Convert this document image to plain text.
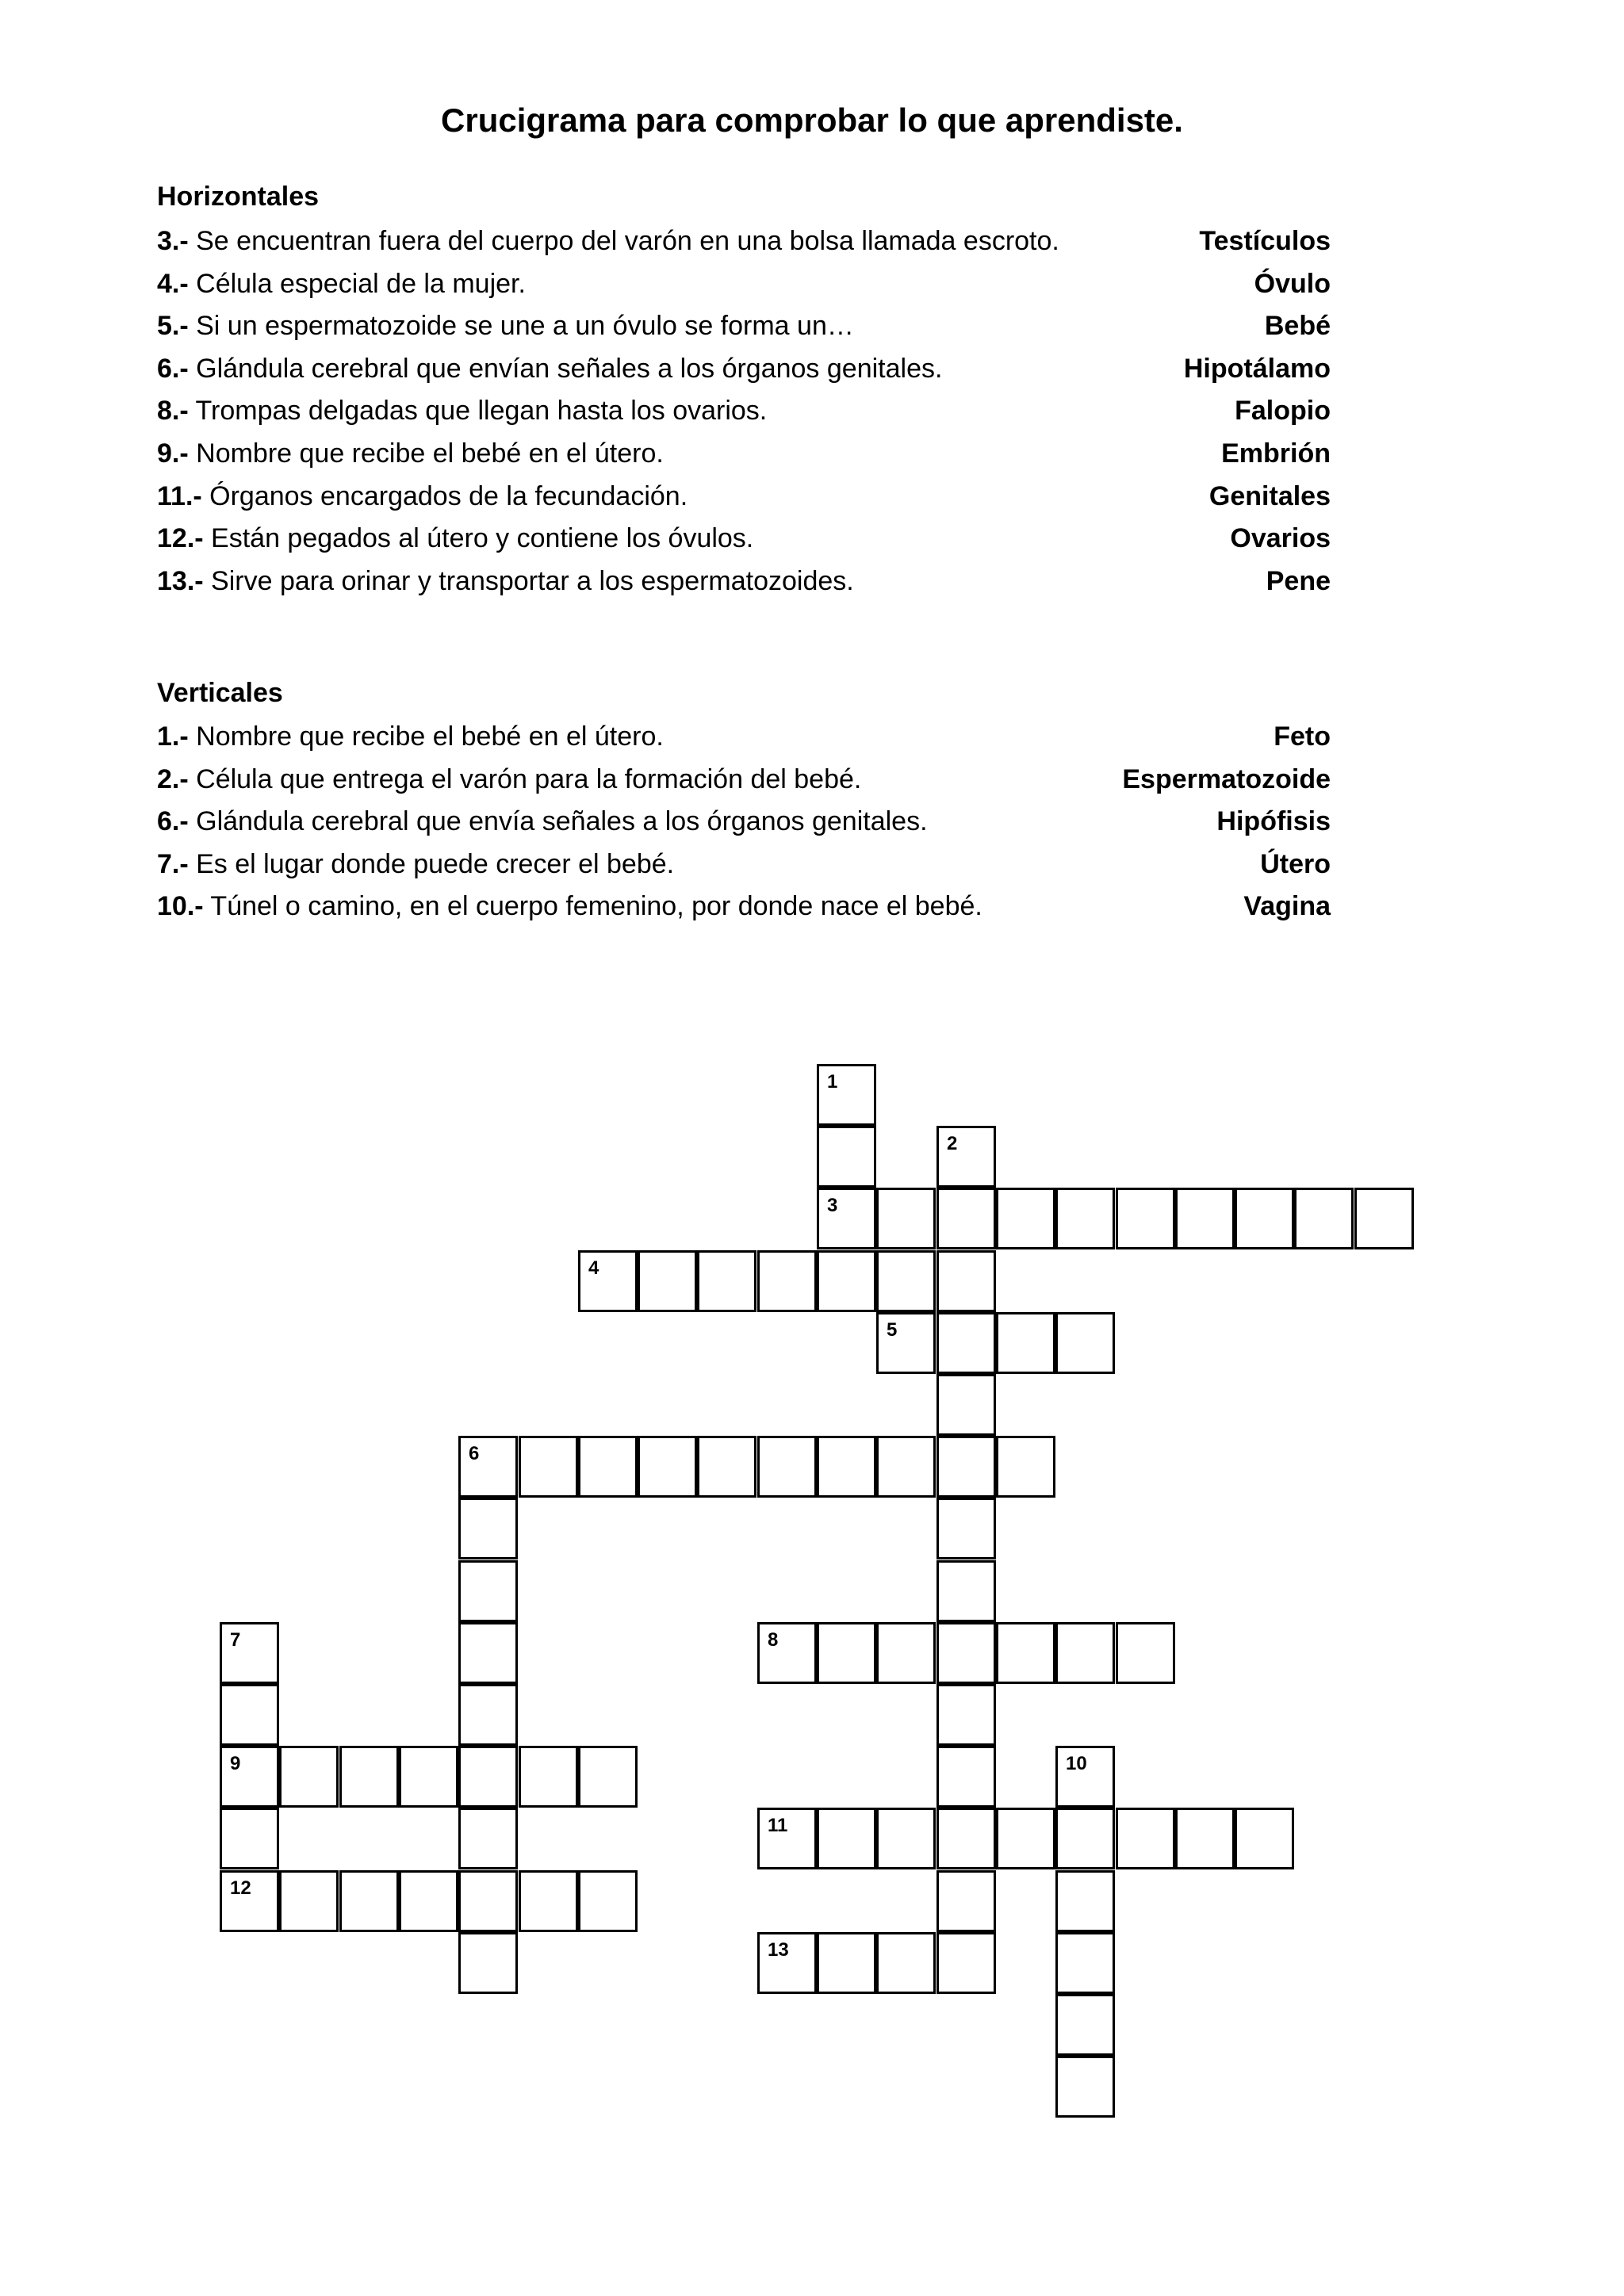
Crucigrama para comprobar lo que aprendiste.
Horizontales
3.- Se encuentran fuera del cuerpo del varón en una bolsa llamada escroto.	Testículos
4.- Célula especial de la mujer.	Óvulo
5.- Si un espermatozoide se une a un óvulo se forma un…	Bebé
6.- Glándula cerebral que envían señales a los órganos genitales.	Hipotálamo
8.- Trompas delgadas que llegan hasta los ovarios.	Falopio
9.- Nombre que recibe el bebé en el útero.	Embrión
11.- Órganos encargados de la fecundación.	Genitales
12.- Están pegados al útero y contiene los óvulos.	Ovarios
13.- Sirve para orinar y transportar a los espermatozoides.	Pene
Verticales
1.- Nombre que recibe el bebé en el útero.	Feto
2.- Célula que entrega el varón para la formación del bebé.	Espermatozoide
6.- Glándula cerebral que envía señales a los órganos genitales.	Hipófisis
7.- Es el lugar donde puede crecer el bebé.	Útero
10.- Túnel o camino, en el cuerpo femenino, por donde nace el bebé.	Vagina
3
4
5
6
8
9
11
12
13
1
2
7
10
